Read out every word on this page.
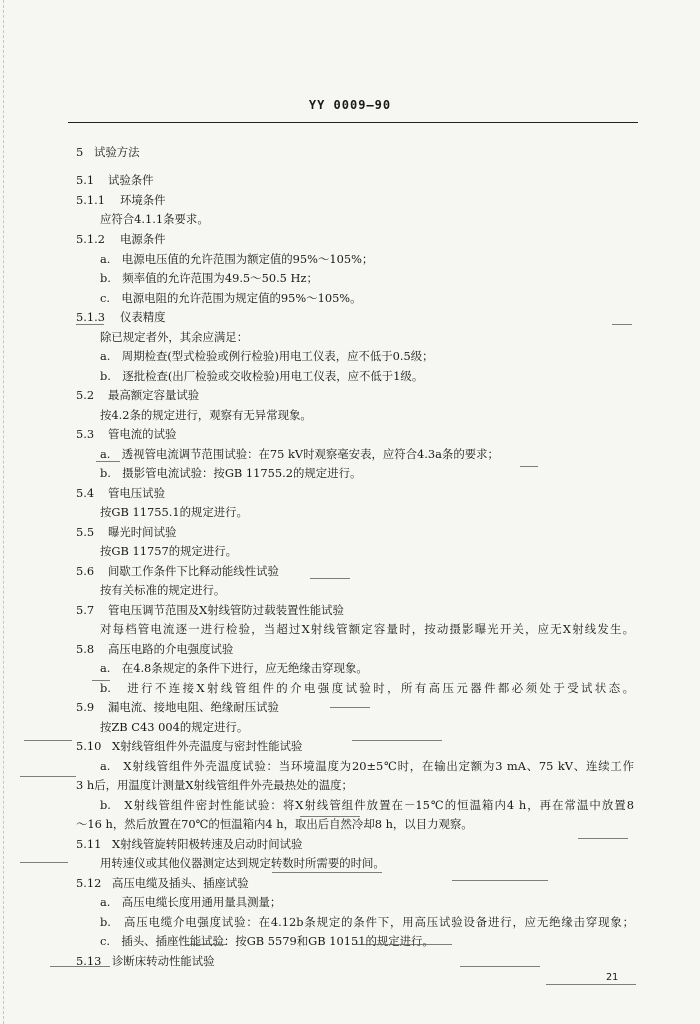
YY 0009—90
5 试验方法
5.1 试验条件
5.1.1 环境条件
应符合4.1.1条要求。
5.1.2 电源条件
a.　电源电压值的允许范围为额定值的95%～105%；
b.　频率值的允许范围为49.5～50.5 Hz；
c.　电源电阻的允许范围为规定值的95%～105%。
5.1.3 仪表精度
除已规定者外，其余应满足：
a.　周期检查(型式检验或例行检验)用电工仪表，应不低于0.5级；
b.　逐批检查(出厂检验或交收检验)用电工仪表，应不低于1级。
5.2 最高额定容量试验
按4.2条的规定进行，观察有无异常现象。
5.3 管电流的试验
a.　透视管电流调节范围试验：在75 kV时观察毫安表，应符合4.3a条的要求；
b.　摄影管电流试验：按GB 11755.2的规定进行。
5.4 管电压试验
按GB 11755.1的规定进行。
5.5 曝光时间试验
按GB 11757的规定进行。
5.6 间歇工作条件下比释动能线性试验
按有关标准的规定进行。
5.7 管电压调节范围及X射线管防过载装置性能试验
对每档管电流逐一进行检验，当超过X射线管额定容量时，按动摄影曝光开关，应无X射线发生。
5.8 高压电路的介电强度试验
a.　在4.8条规定的条件下进行，应无绝缘击穿现象。
b.　进行不连接X射线管组件的介电强度试验时，所有高压元器件都必须处于受试状态。
5.9 漏电流、接地电阻、绝缘耐压试验
按ZB C43 004的规定进行。
5.10 X射线管组件外壳温度与密封性能试验
a.　X射线管组件外壳温度试验：当环境温度为20±5℃时，在输出定额为3 mA、75 kV、连续工作
3 h后，用温度计测量X射线管组件外壳最热处的温度；
b.　X射线管组件密封性能试验：将X射线管组件放置在－15℃的恒温箱内4 h，再在常温中放置8
～16 h，然后放置在70℃的恒温箱内4 h，取出后自然冷却8 h，以目力观察。
5.11 X射线管旋转阳极转速及启动时间试验
用转速仪或其他仪器测定达到规定转数时所需要的时间。
5.12 高压电缆及插头、插座试验
a.　高压电缆长度用通用量具测量；
b.　高压电缆介电强度试验：在4.12b条规定的条件下，用高压试验设备进行，应无绝缘击穿现象；
c.　插头、插座性能试验：按GB 5579和GB 10151的规定进行。
5.13 诊断床转动性能试验
21
